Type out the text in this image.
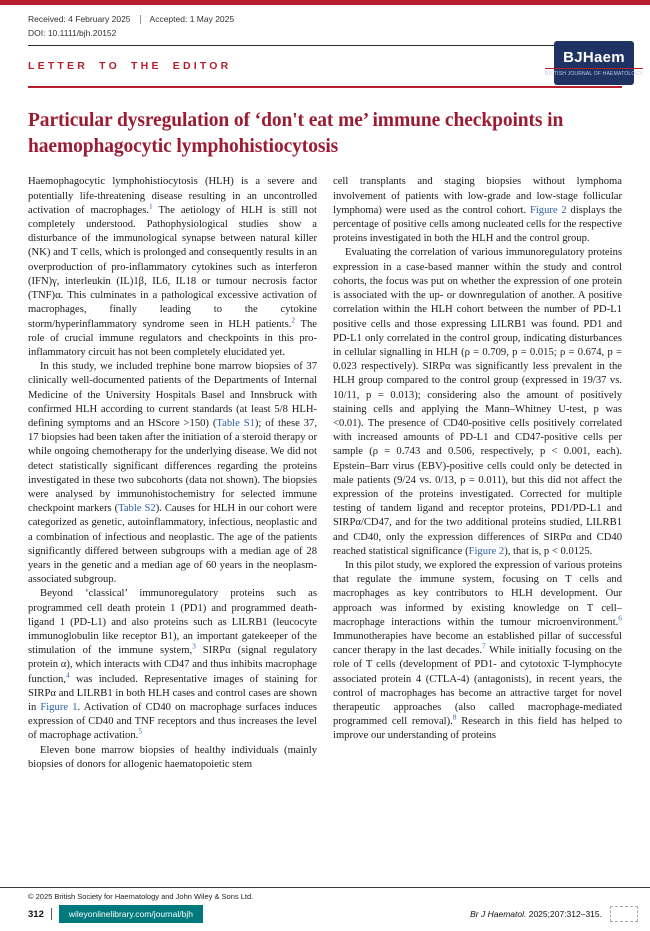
Received: 4 February 2025 Accepted: 1 May 2025
DOI: 10.1111/bjh.20152
LETTER TO THE EDITOR
BJHaem
BRITISH JOURNAL OF HAEMATOLOGY
Particular dysregulation of ‘don't eat me’ immune checkpoints in haemophagocytic lymphohistiocytosis

Haemophagocytic lymphohistiocytosis (HLH) is a severe and potentially life-threatening disease resulting in an uncontrolled activation of macrophages.$^1$ The aetiology of HLH is still not completely understood. Pathophysiological studies show a disturbance of the immunological synapse between natural killer (NK) and T cells, which is prolonged and consequently results in an overproduction of pro-inflammatory cytokines such as interferon (IFN)γ, interleukin (IL)1β, IL6, IL18 or tumour necrosis factor (TNF)α. This culminates in a pathological excessive activation of macrophages, finally leading to the cytokine storm/hyperinflammatory syndrome seen in HLH patients.$^2$ The role of crucial immune regulators and checkpoints in this pro-inflammatory circuit has not been completely elucidated yet.

In this study, we included trephine bone marrow biopsies of 37 clinically well-documented patients of the Departments of Internal Medicine of the University Hospitals Basel and Innsbruck with confirmed HLH according to current standards (at least 5/8 HLH-defining symptoms and an HScore >150) (Table S1); of these 37, 17 biopsies had been taken after the initiation of a steroid therapy or while ongoing chemotherapy for the underlying disease. We did not detect statistically significant differences regarding the proteins investigated in these two subcohorts (data not shown). The biopsies were analysed by immunohistochemistry for selected immune checkpoint markers (Table S2). Causes for HLH in our cohort were categorized as genetic, autoinflammatory, infectious, neoplastic and a combination of infectious and neoplastic. The age of the patients significantly differed between subgroups with a median age of 28 years in the genetic and a median age of 60 years in the neoplasm-associated subgroup.

Beyond ‘classical’ immunoregulatory proteins such as programmed cell death protein 1 (PD1) and programmed death-ligand 1 (PD-L1) and also proteins such as LILRB1 (leucocyte immunoglobulin like receptor B1), an important gatekeeper of the stimulation of the immune system,$^3$ SIRPα (signal regulatory protein α), which interacts with CD47 and thus inhibits macrophage function,$^4$ was included. Representative images of staining for SIRPα and LILRB1 in both HLH cases and control cases are shown in Figure 1. Activation of CD40 on macrophage surfaces induces expression of CD40 and TNF receptors and thus increases the level of macrophage activation.$^5$

Eleven bone marrow biopsies of healthy individuals (mainly biopsies of donors for allogenic haematopoietic stem

cell transplants and staging biopsies without lymphoma involvement of patients with low-grade and low-stage follicular lymphoma) were used as the control cohort. Figure 2 displays the percentage of positive cells among nucleated cells for the respective proteins investigated in both the HLH and the control group.

Evaluating the correlation of various immunoregulatory proteins expression in a case-based manner within the study and control cohorts, the focus was put on whether the expression of one protein is associated with the up- or downregulation of another. A positive correlation within the HLH cohort between the number of PD-L1 positive cells and those expressing LILRB1 was found. PD1 and PD-L1 only correlated in the control group, indicating disturbances in cellular signalling in HLH (ρ = 0.709, p = 0.015; ρ = 0.674, p = 0.023 respectively). SIRPα was significantly less prevalent in the HLH group compared to the control group (expressed in 19/37 vs. 10/11, p = 0.013); considering also the amount of positively staining cells and applying the Mann–Whitney U-test, p was <0.01). The presence of CD40-positive cells positively correlated with increased amounts of PD-L1 and CD47-positive cells per sample (ρ = 0.743 and 0.506, respectively, p < 0.001, each). Epstein–Barr virus (EBV)-positive cells could only be detected in male patients (9/24 vs. 0/13, p = 0.011), but this did not affect the expression of the proteins investigated. Corrected for multiple testing of tandem ligand and receptor proteins, PD1/PD-L1 and SIRPα/CD47, and for the two additional proteins studied, LILRB1 and CD40, only the expression differences of SIRPα and CD40 reached statistical significance (Figure 2), that is, p < 0.0125.

In this pilot study, we explored the expression of various proteins that regulate the immune system, focusing on T cells and macrophages as key contributors to HLH development. Our approach was informed by existing knowledge on T cell–macrophage interactions within the tumour microenvironment.$^6$ Immunotherapies have become an established pillar of successful cancer therapy in the last decades.$^7$ While initially focusing on the role of T cells (development of PD1- and cytotoxic T-lymphocyte associated protein 4 (CTLA-4) (antagonists), in recent years, the control of macrophages has become an attractive target for novel therapeutic approaches (also called macrophage-mediated programmed cell removal).$^8$ Research in this field has helped to improve our understanding of proteins

© 2025 British Society for Haematology and John Wiley & Sons Ltd.
312	wileyonlinelibrary.com/journal/bjh	Br J Haematol. 2025;207:312–315.
